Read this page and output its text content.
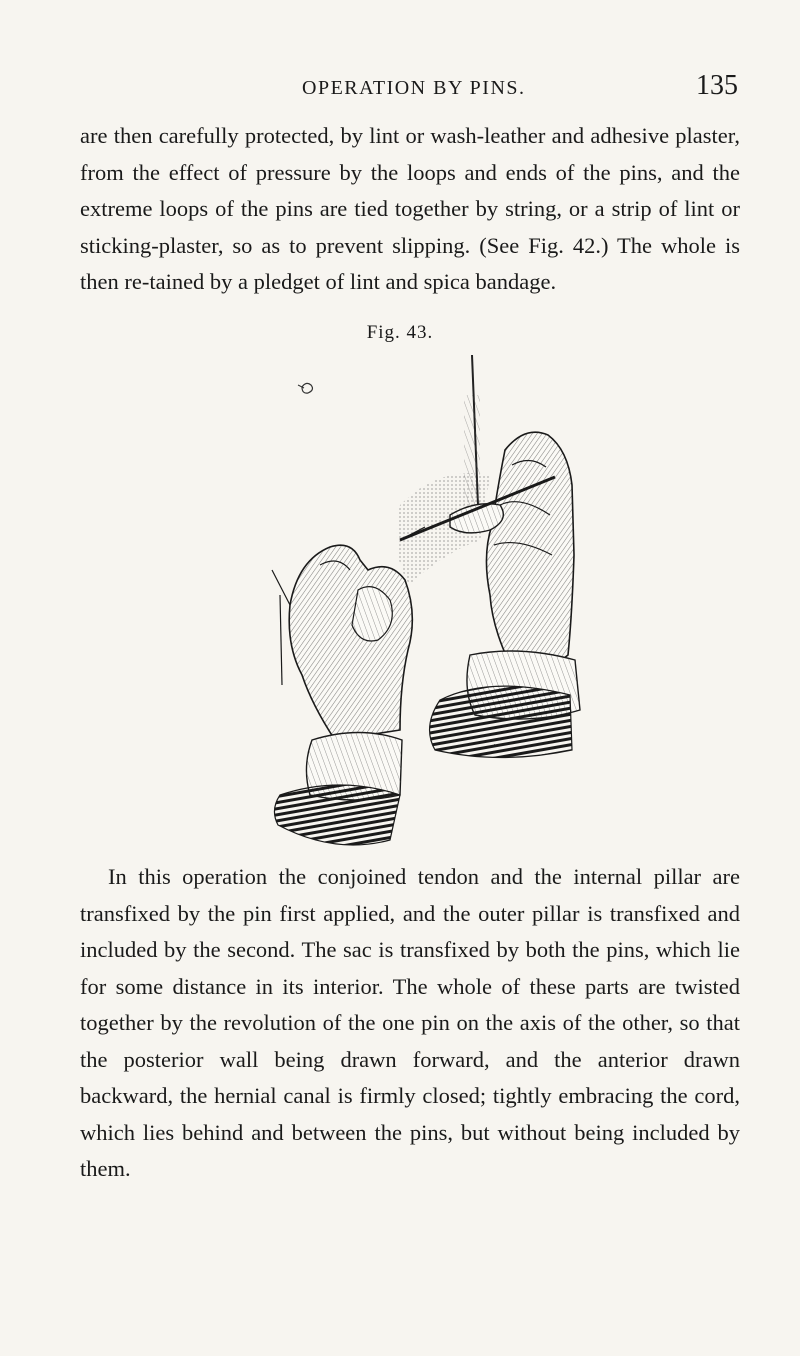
OPERATION BY PINS.	135

are then carefully protected, by lint or wash-leather and adhesive plaster, from the effect of pressure by the loops and ends of the pins, and the extreme loops of the pins are tied together by string, or a strip of lint or sticking-plaster, so as to prevent slipping. (See Fig. 42.) The whole is then re-tained by a pledget of lint and spica bandage.

Fig. 43.

In this operation the conjoined tendon and the internal pillar are transfixed by the pin first applied, and the outer pillar is transfixed and included by the second. The sac is transfixed by both the pins, which lie for some distance in its interior. The whole of these parts are twisted together by the revolution of the one pin on the axis of the other, so that the posterior wall being drawn forward, and the anterior drawn backward, the hernial canal is firmly closed; tightly embracing the cord, which lies behind and between the pins, but without being included by them.
